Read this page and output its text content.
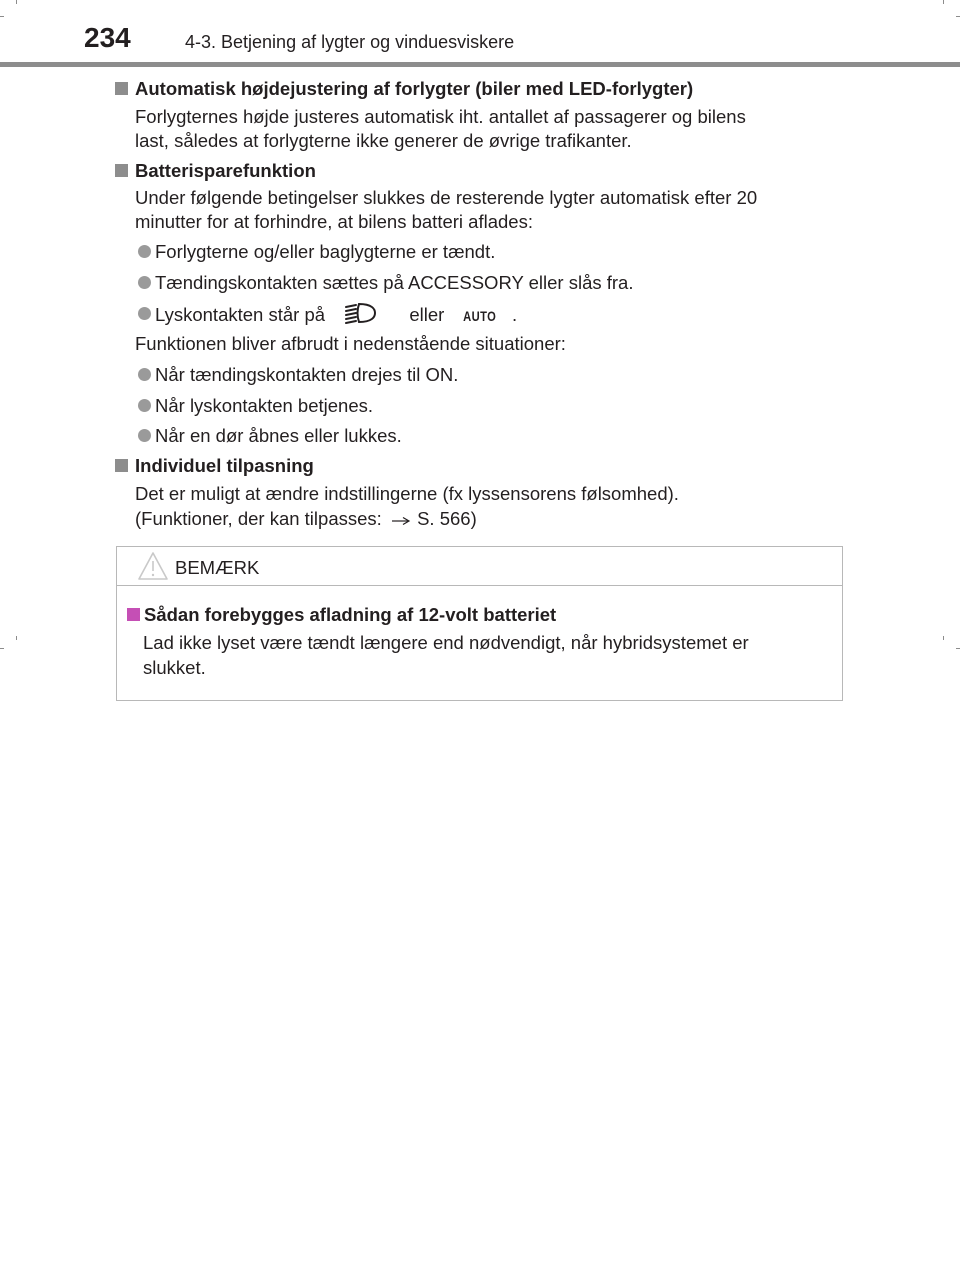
234	4-3. Betjening af lygter og vinduesviskere
Automatisk højdejustering af forlygter (biler med LED-forlygter)
Forlygternes højde justeres automatisk iht. antallet af passagerer og bilens
last, således at forlygterne ikke generer de øvrige trafikanter.
Batterisparefunktion
Under følgende betingelser slukkes de resterende lygter automatisk efter 20
minutter for at forhindre, at bilens batteri aflades:
Forlygterne og/eller baglygterne er tændt.
Tændingskontakten sættes på ACCESSORY eller slås fra.
Lyskontakten står på	eller AUTO .
Funktionen bliver afbrudt i nedenstående situationer:
Når tændingskontakten drejes til ON.
Når lyskontakten betjenes.
Når en dør åbnes eller lukkes.
Individuel tilpasning
Det er muligt at ændre indstillingerne (fx lyssensorens følsomhed).
(Funktioner, der kan tilpasses: S. 566)
BEMÆRK
Sådan forebygges afladning af 12-volt batteriet
Lad ikke lyset være tændt længere end nødvendigt, når hybridsystemet er
slukket.
